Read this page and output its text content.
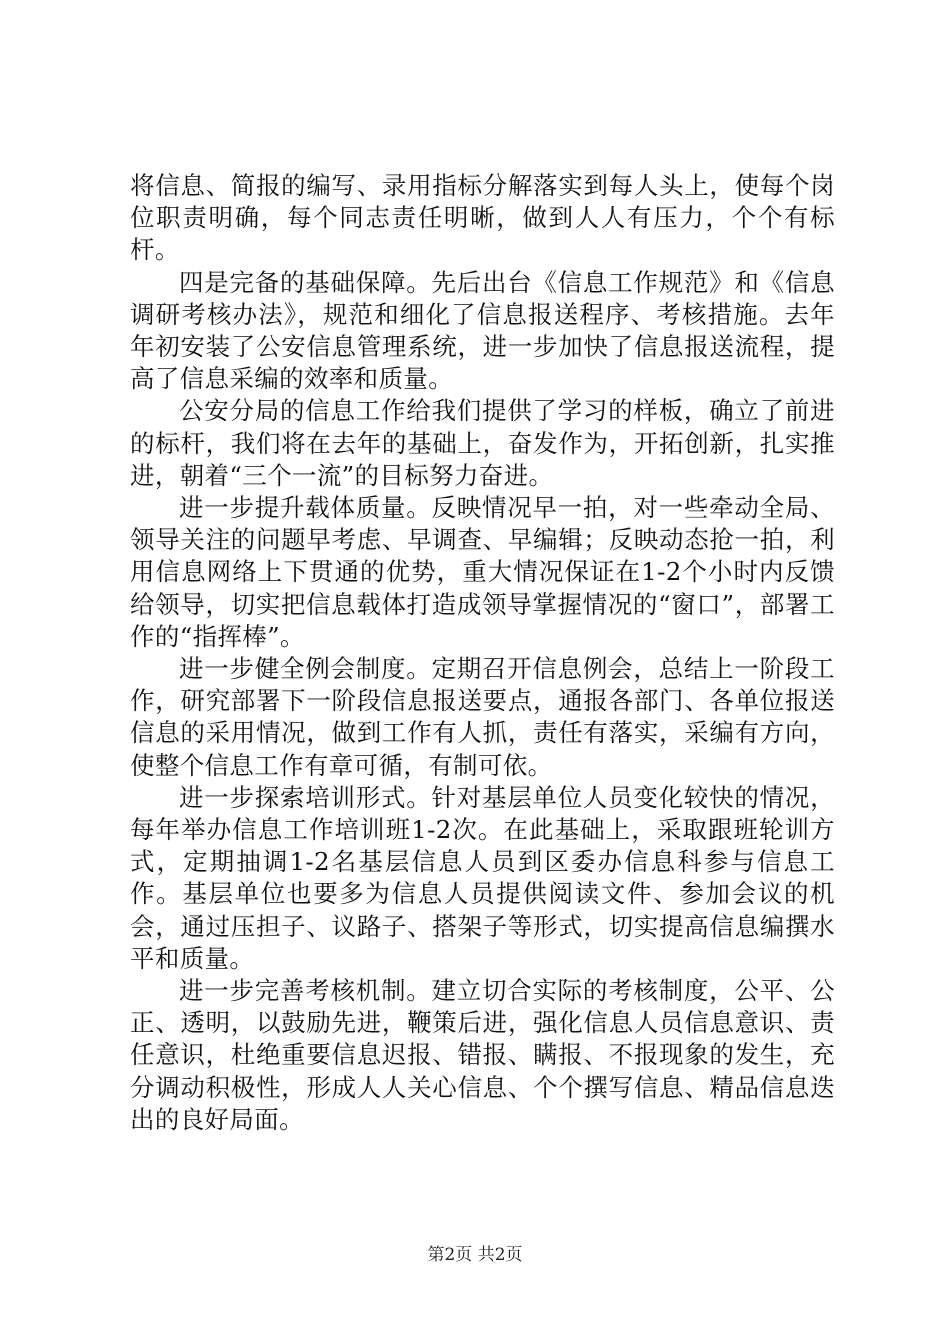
将信息、简报的编写、录用指标分解落实到每人头上，使每个岗位职责明确，每个同志责任明晰，做到人人有压力，个个有标杆。

四是完备的基础保障。先后出台《信息工作规范》和《信息调研考核办法》，规范和细化了信息报送程序、考核措施。去年年初安装了公安信息管理系统，进一步加快了信息报送流程，提高了信息采编的效率和质量。

公安分局的信息工作给我们提供了学习的样板，确立了前进的标杆，我们将在去年的基础上，奋发作为，开拓创新，扎实推进，朝着“三个一流”的目标努力奋进。

进一步提升载体质量。反映情况早一拍，对一些牵动全局、领导关注的问题早考虑、早调查、早编辑；反映动态抢一拍，利用信息网络上下贯通的优势，重大情况保证在1-2个小时内反馈给领导，切实把信息载体打造成领导掌握情况的“窗口”，部署工作的“指挥棒”。

进一步健全例会制度。定期召开信息例会，总结上一阶段工作，研究部署下一阶段信息报送要点，通报各部门、各单位报送信息的采用情况，做到工作有人抓，责任有落实，采编有方向，使整个信息工作有章可循，有制可依。

进一步探索培训形式。针对基层单位人员变化较快的情况，每年举办信息工作培训班1-2次。在此基础上，采取跟班轮训方式，定期抽调1-2名基层信息人员到区委办信息科参与信息工作。基层单位也要多为信息人员提供阅读文件、参加会议的机会，通过压担子、议路子、搭架子等形式，切实提高信息编撰水平和质量。

进一步完善考核机制。建立切合实际的考核制度，公平、公正、透明，以鼓励先进，鞭策后进，强化信息人员信息意识、责任意识，杜绝重要信息迟报、错报、瞒报、不报现象的发生，充分调动积极性，形成人人关心信息、个个撰写信息、精品信息迭出的良好局面。

第2页 共2页
